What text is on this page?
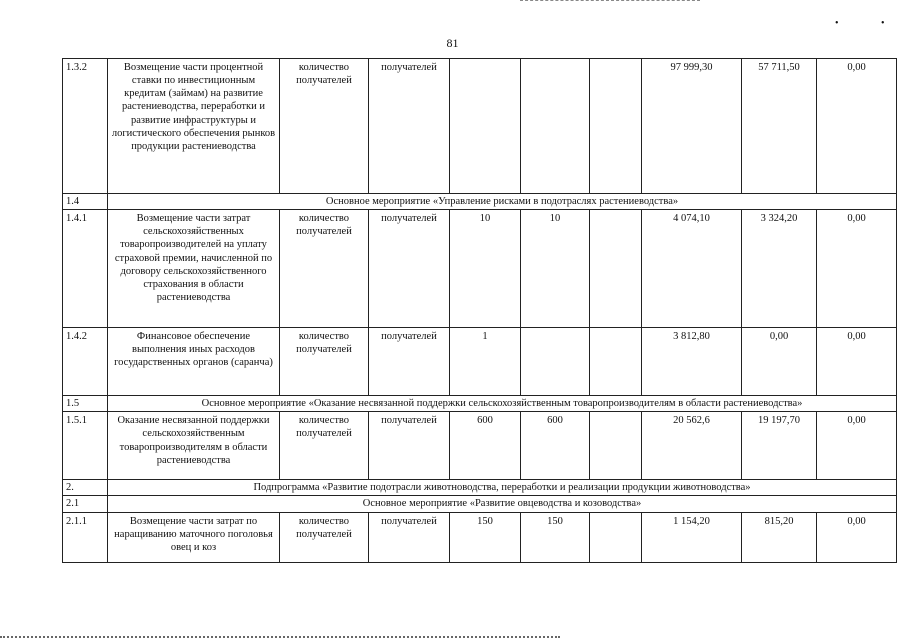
• •
81
1.3.2	Возмещение части процентной ставки по инвестиционным кредитам (займам) на развитие растениеводства, переработки и развитие инфраструктуры и логистического обеспечения рынков продукции растениеводства	количество получателей	получателей				97 999,30	57 711,50	0,00
1.4	Основное мероприятие «Управление рисками в подотраслях растениеводства»								
1.4.1	Возмещение части затрат сельскохозяйственных товаропроизводителей на уплату страховой премии, начисленной по договору сельскохозяйственного страхования в области растениеводства	количество получателей	получателей	10	10		4 074,10	3 324,20	0,00
1.4.2	Финансовое обеспечение выполнения иных расходов государственных органов (саранча)	количество получателей	получателей	1			3 812,80	0,00	0,00
1.5	Основное мероприятие «Оказание несвязанной поддержки сельскохозяйственным товаропроизводителям в области растениеводства»								
1.5.1	Оказание несвязанной поддержки сельскохозяйственным товаропроизводителям в области растениеводства	количество получателей	получателей	600	600		20 562,6	19 197,70	0,00
2.	Подпрограмма «Развитие подотрасли животноводства, переработки и реализации продукции животноводства»								
2.1	Основное мероприятие «Развитие овцеводства и козоводства»								
2.1.1	Возмещение части затрат по наращиванию маточного поголовья овец и коз	количество получателей	получателей	150	150		1 154,20	815,20	0,00
